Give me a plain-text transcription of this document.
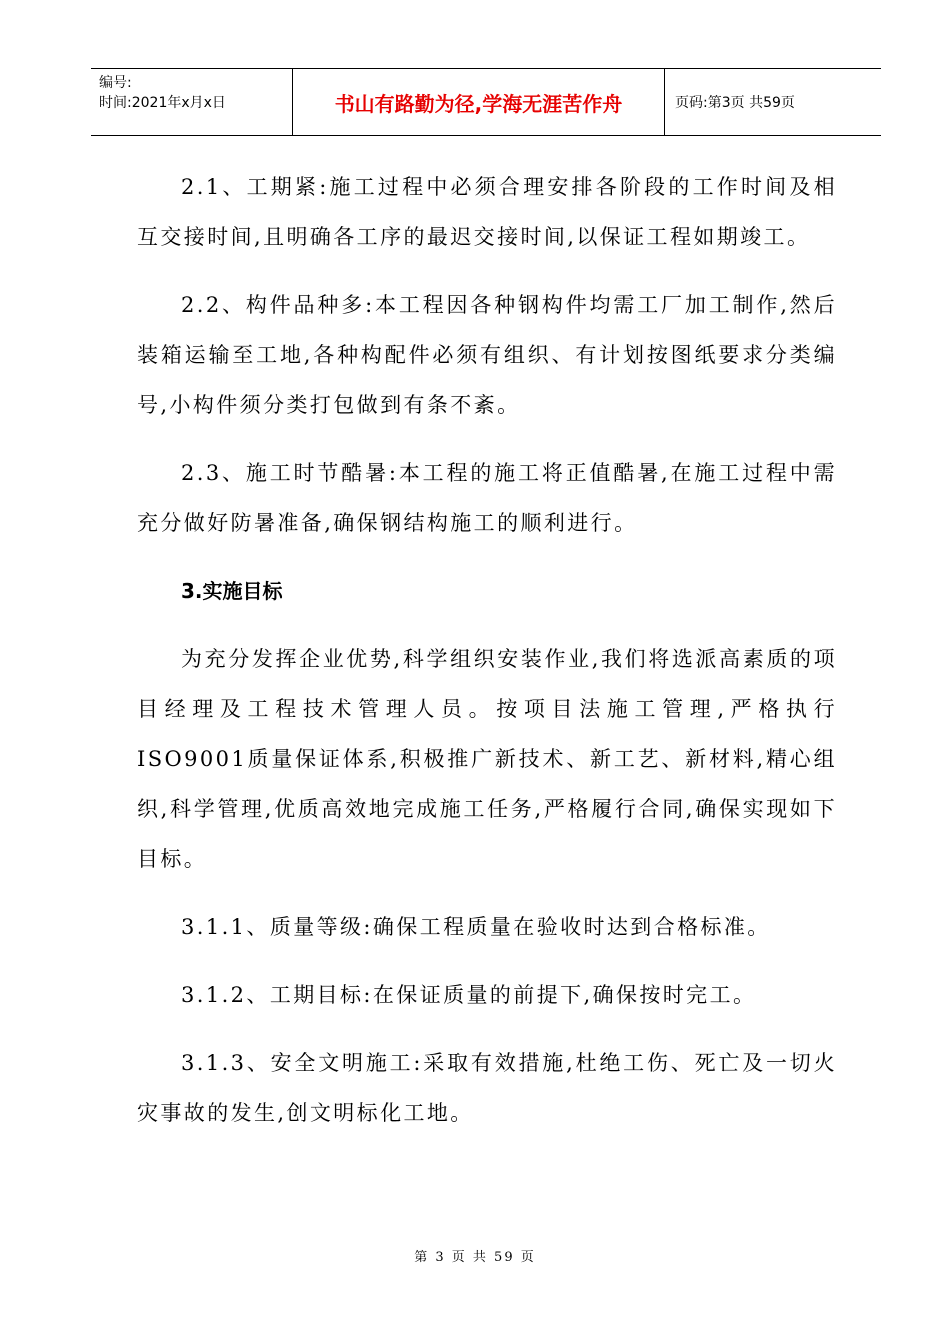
编号:
时间:2021年x月x日	书山有路勤为径,学海无涯苦作舟	页码:第3页 共59页

2.1、工期紧:施工过程中必须合理安排各阶段的工作时间及相互交接时间,且明确各工序的最迟交接时间,以保证工程如期竣工。

2.2、构件品种多:本工程因各种钢构件均需工厂加工制作,然后装箱运输至工地,各种构配件必须有组织、有计划按图纸要求分类编号,小构件须分类打包做到有条不紊。

2.3、施工时节酷暑:本工程的施工将正值酷暑,在施工过程中需充分做好防暑准备,确保钢结构施工的顺利进行。

3.实施目标

为充分发挥企业优势,科学组织安装作业,我们将选派高素质的项目经理及工程技术管理人员。按项目法施工管理,严格执行ISO9001质量保证体系,积极推广新技术、新工艺、新材料,精心组织,科学管理,优质高效地完成施工任务,严格履行合同,确保实现如下目标。

3.1.1、质量等级:确保工程质量在验收时达到合格标准。

3.1.2、工期目标:在保证质量的前提下,确保按时完工。

3.1.3、安全文明施工:采取有效措施,杜绝工伤、死亡及一切火灾事故的发生,创文明标化工地。

第 3 页 共 59 页
